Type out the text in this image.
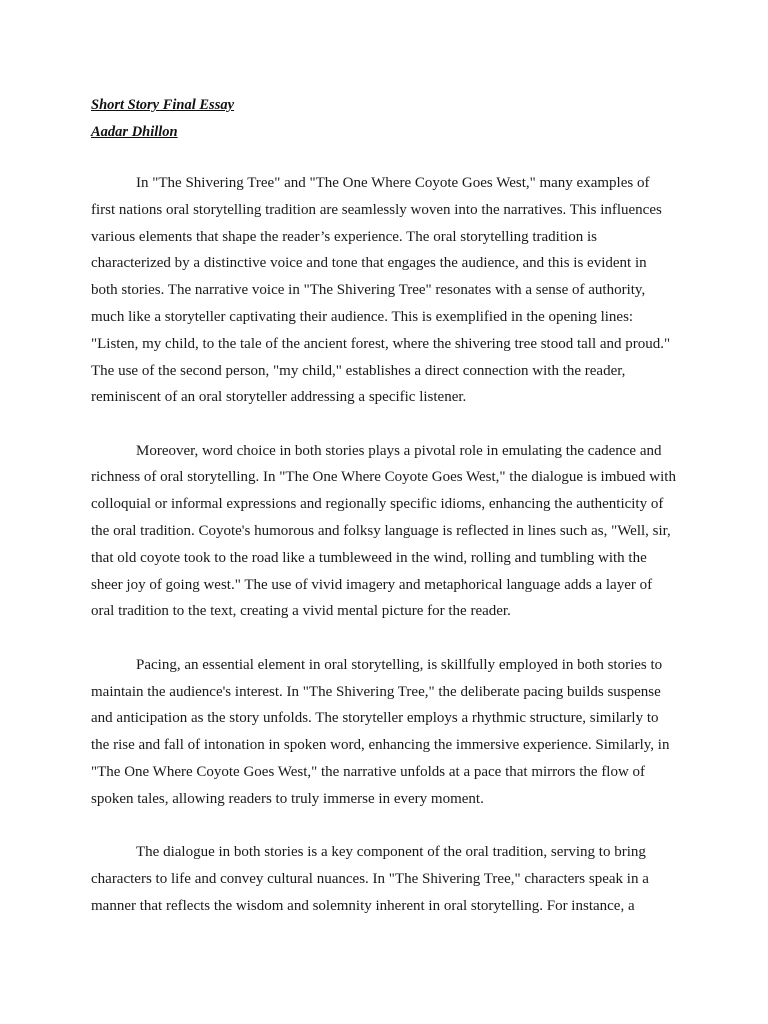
Short Story Final Essay
Aadar Dhillon

In "The Shivering Tree" and "The One Where Coyote Goes West," many examples of
first nations oral storytelling tradition are seamlessly woven into the narratives. This influences
various elements that shape the reader’s experience. The oral storytelling tradition is
characterized by a distinctive voice and tone that engages the audience, and this is evident in
both stories. The narrative voice in "The Shivering Tree" resonates with a sense of authority,
much like a storyteller captivating their audience. This is exemplified in the opening lines:
"Listen, my child, to the tale of the ancient forest, where the shivering tree stood tall and proud."
The use of the second person, "my child," establishes a direct connection with the reader,
reminiscent of an oral storyteller addressing a specific listener.

Moreover, word choice in both stories plays a pivotal role in emulating the cadence and
richness of oral storytelling. In "The One Where Coyote Goes West," the dialogue is imbued with
colloquial or informal expressions and regionally specific idioms, enhancing the authenticity of
the oral tradition. Coyote's humorous and folksy language is reflected in lines such as, "Well, sir,
that old coyote took to the road like a tumbleweed in the wind, rolling and tumbling with the
sheer joy of going west." The use of vivid imagery and metaphorical language adds a layer of
oral tradition to the text, creating a vivid mental picture for the reader.

Pacing, an essential element in oral storytelling, is skillfully employed in both stories to
maintain the audience's interest. In "The Shivering Tree," the deliberate pacing builds suspense
and anticipation as the story unfolds. The storyteller employs a rhythmic structure, similarly to
the rise and fall of intonation in spoken word, enhancing the immersive experience. Similarly, in
"The One Where Coyote Goes West," the narrative unfolds at a pace that mirrors the flow of
spoken tales, allowing readers to truly immerse in every moment.

The dialogue in both stories is a key component of the oral tradition, serving to bring
characters to life and convey cultural nuances. In "The Shivering Tree," characters speak in a
manner that reflects the wisdom and solemnity inherent in oral storytelling. For instance, a
